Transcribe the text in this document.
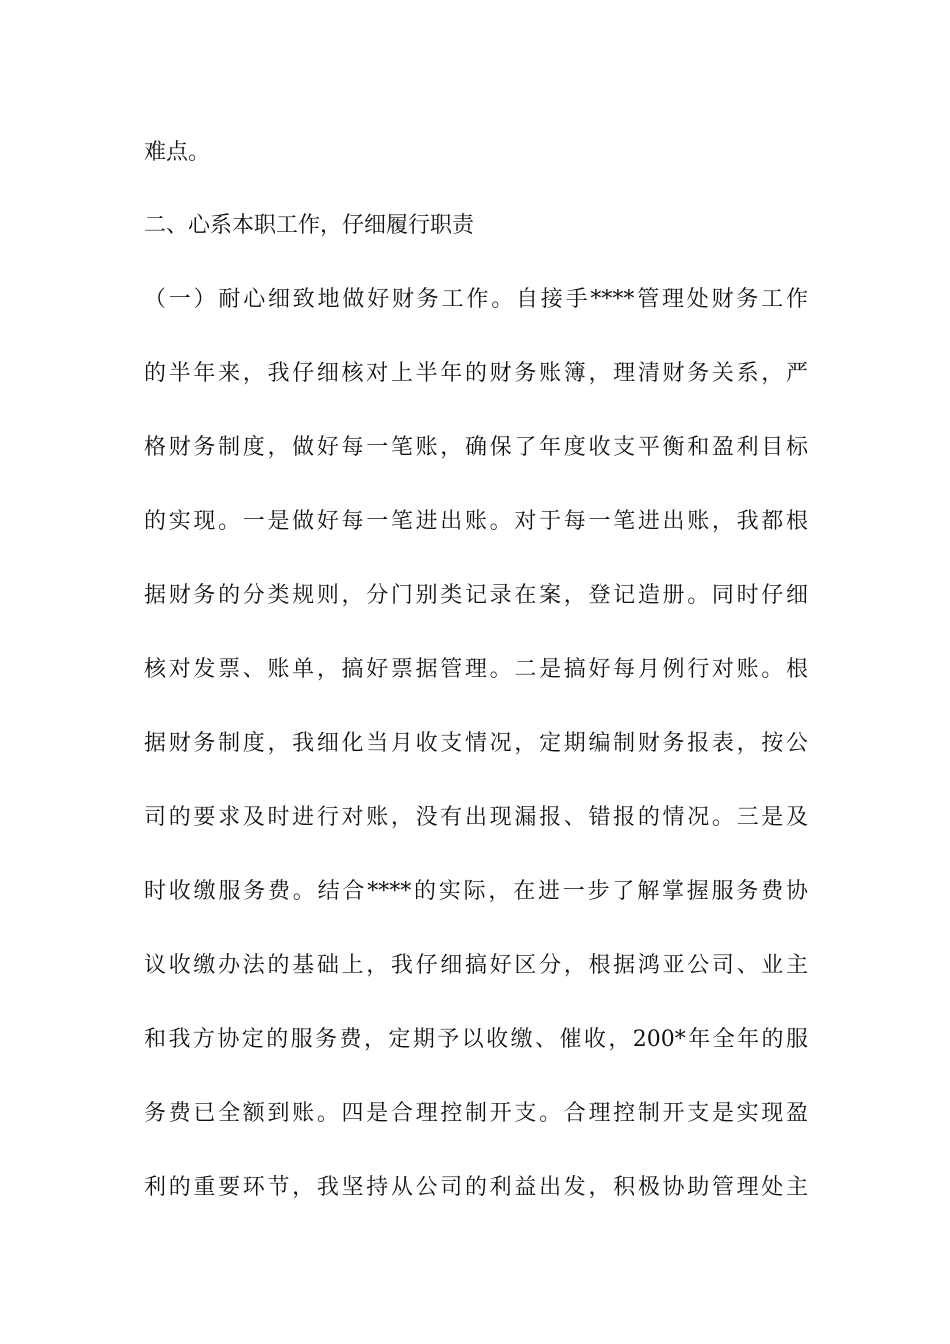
难点。
二、心系本职工作，仔细履行职责
（一）耐心细致地做好财务工作。自接手****管理处财务工作
的半年来，我仔细核对上半年的财务账簿，理清财务关系，严
格财务制度，做好每一笔账，确保了年度收支平衡和盈利目标
的实现。一是做好每一笔进出账。对于每一笔进出账，我都根
据财务的分类规则，分门别类记录在案，登记造册。同时仔细
核对发票、账单，搞好票据管理。二是搞好每月例行对账。根
据财务制度，我细化当月收支情况，定期编制财务报表，按公
司的要求及时进行对账，没有出现漏报、错报的情况。三是及
时收缴服务费。结合****的实际，在进一步了解掌握服务费协
议收缴办法的基础上，我仔细搞好区分，根据鸿亚公司、业主
和我方协定的服务费，定期予以收缴、催收，200*年全年的服
务费已全额到账。四是合理控制开支。合理控制开支是实现盈
利的重要环节，我坚持从公司的利益出发，积极协助管理处主
